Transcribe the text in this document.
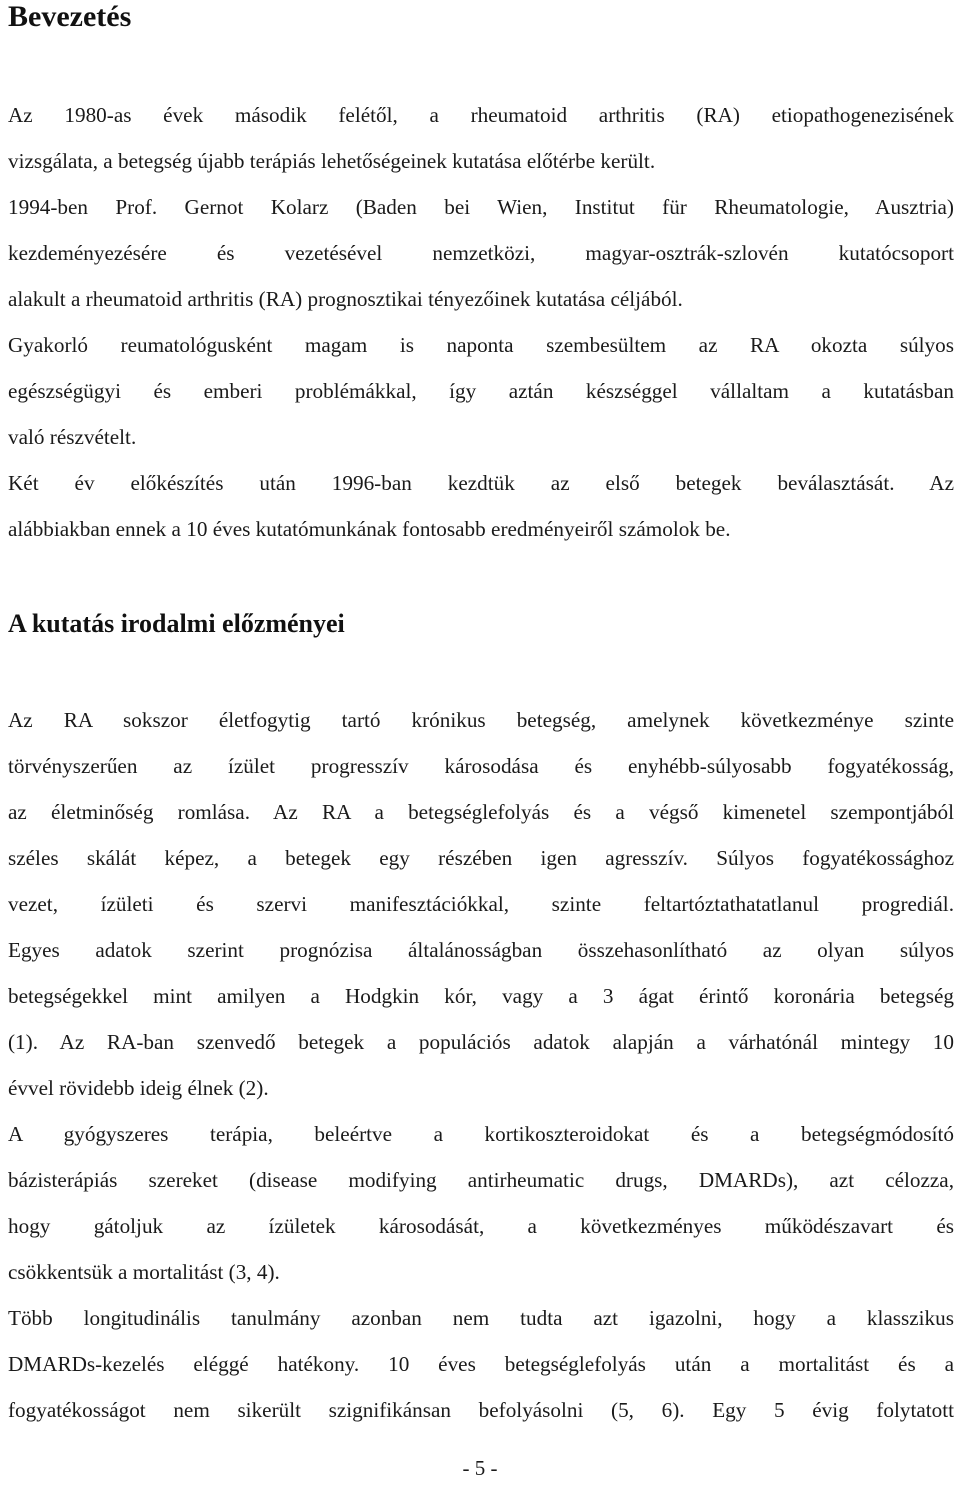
Bevezetés

Az 1980-as évek második felétől, a rheumatoid arthritis (RA) etiopathogenezisének
vizsgálata, a betegség újabb terápiás lehetőségeinek kutatása előtérbe került.
1994-ben Prof. Gernot Kolarz (Baden bei Wien, Institut für Rheumatologie, Ausztria)
kezdeményezésére és vezetésével nemzetközi, magyar-osztrák-szlovén kutatócsoport
alakult a rheumatoid arthritis (RA) prognosztikai tényezőinek kutatása céljából.

Gyakorló reumatológusként magam is naponta szembesültem az RA okozta súlyos
egészségügyi és emberi problémákkal, így aztán készséggel vállaltam a kutatásban
való részvételt.

Két év előkészítés után 1996-ban kezdtük az első betegek beválasztását. Az
alábbiakban ennek a 10 éves kutatómunkának fontosabb eredményeiről számolok be.

A kutatás irodalmi előzményei

Az RA sokszor életfogytig tartó krónikus betegség, amelynek következménye szinte
törvényszerűen az ízület progresszív károsodása és enyhébb-súlyosabb fogyatékosság,
az életminőség romlása. Az RA a betegséglefolyás és a végső kimenetel szempontjából
széles skálát képez, a betegek egy részében igen agresszív. Súlyos fogyatékossághoz
vezet, ízületi és szervi manifesztációkkal, szinte feltartóztathatatlanul progrediál.
Egyes adatok szerint prognózisa általánosságban összehasonlítható az olyan súlyos
betegségekkel mint amilyen a Hodgkin kór, vagy a 3 ágat érintő koronária betegség
(1). Az RA-ban szenvedő betegek a populációs adatok alapján a várhatónál mintegy 10
évvel rövidebb ideig élnek (2).

A gyógyszeres terápia, beleértve a kortikoszteroidokat és a betegségmódosító
bázisterápiás szereket (disease modifying antirheumatic drugs, DMARDs), azt célozza,
hogy gátoljuk az ízületek károsodását, a következményes működészavart és
csökkentsük a mortalitást (3, 4).

Több longitudinális tanulmány azonban nem tudta azt igazolni, hogy a klasszikus
DMARDs-kezelés eléggé hatékony. 10 éves betegséglefolyás után a mortalitást és a
fogyatékosságot nem sikerült szignifikánsan befolyásolni (5, 6). Egy 5 évig folytatott

- 5 -
